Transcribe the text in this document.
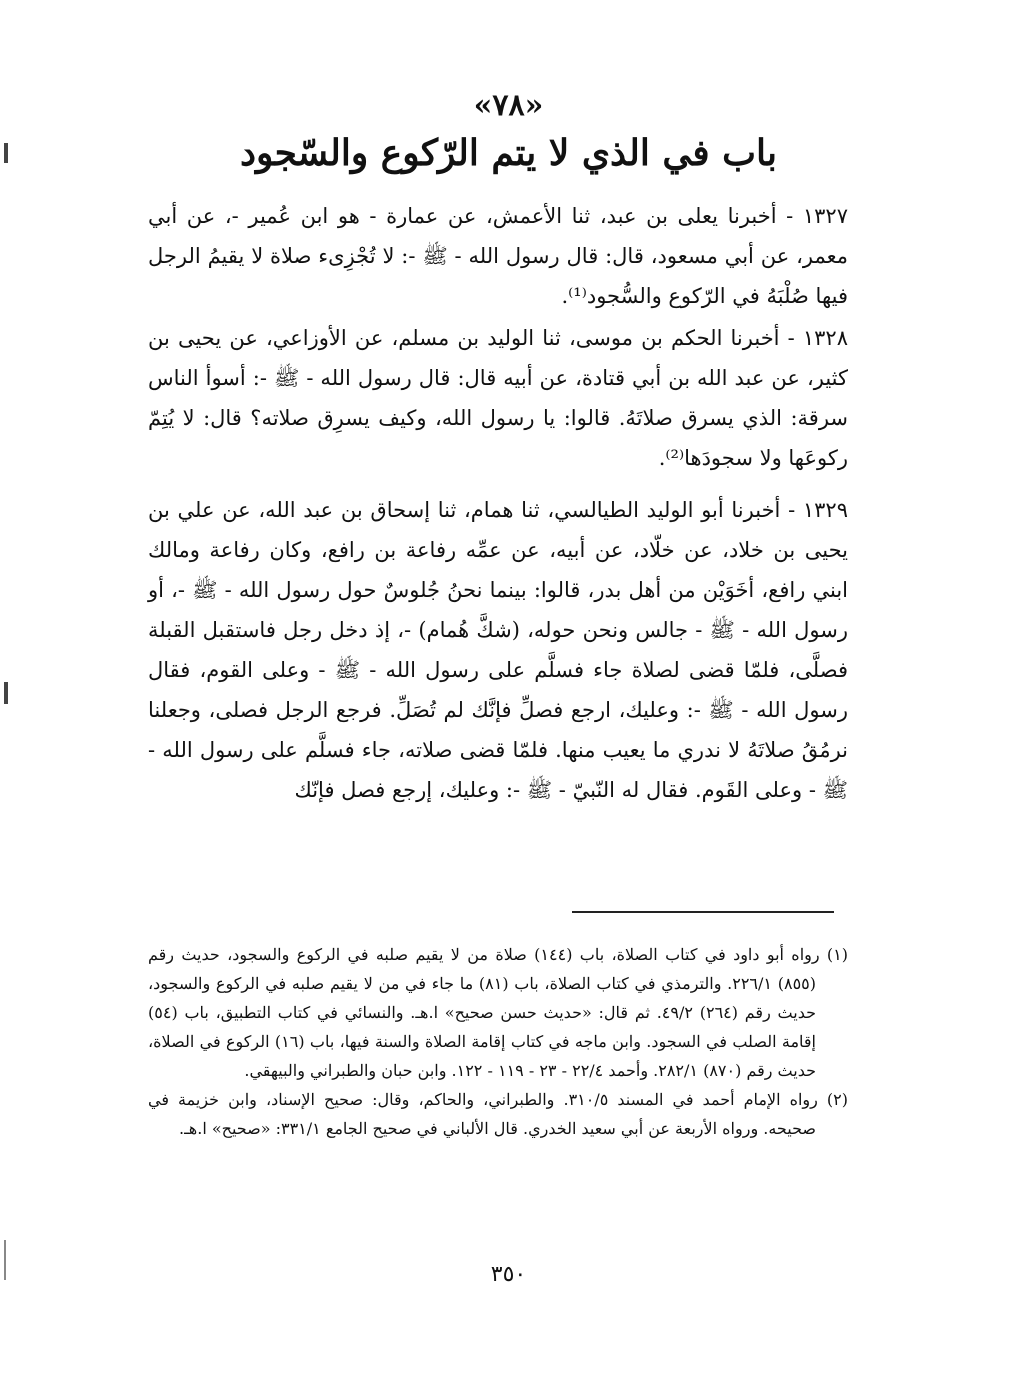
«٧٨»
باب في الذي لا يتم الرّكوع والسّجود

١٣٢٧ - أخبرنا يعلى بن عبد، ثنا الأعمش، عن عمارة - هو ابن عُمير -، عن أبي معمر، عن أبي مسعود، قال: قال رسول الله - ﷺ -: لا تُجْزِىء صلاة لا يقيمُ الرجل فيها صُلْبَهُ في الرّكوع والسُّجود⁽¹⁾.

١٣٢٨ - أخبرنا الحكم بن موسى، ثنا الوليد بن مسلم، عن الأوزاعي، عن يحيى بن كثير، عن عبد الله بن أبي قتادة، عن أبيه قال: قال رسول الله - ﷺ -: أسوأ الناس سرقة: الذي يسرق صلاتَهُ. قالوا: يا رسول الله، وكيف يسرِق صلاته؟ قال: لا يُتِمّ ركوعَها ولا سجودَها⁽²⁾.

١٣٢٩ - أخبرنا أبو الوليد الطيالسي، ثنا همام، ثنا إسحاق بن عبد الله، عن علي بن يحيى بن خلاد، عن خلّاد، عن أبيه، عن عمِّه رفاعة بن رافع، وكان رفاعة ومالك ابني رافع، أخَوَيْن من أهل بدر، قالوا: بينما نحنُ جُلوسٌ حول رسول الله - ﷺ -، أو رسول الله - ﷺ - جالس ونحن حوله، (شكَّ هُمام) -، إذ دخل رجل فاستقبل القبلة فصلَّى، فلمّا قضى لصلاة جاء فسلَّم على رسول الله - ﷺ - وعلى القوم، فقال رسول الله - ﷺ -: وعليك، ارجع فصلِّ فإنَّك لم تُصَلِّ. فرجع الرجل فصلى، وجعلنا نرمُقُ صلاتَهُ لا ندري ما يعيب منها. فلمّا قضى صلاته، جاء فسلَّم على رسول الله - ﷺ - وعلى القَوم. فقال له النّبيّ - ﷺ -: وعليك، إرجع فصل فإنّك

(١) رواه أبو داود في كتاب الصلاة، باب (١٤٤) صلاة من لا يقيم صلبه في الركوع والسجود، حديث رقم (٨٥٥) ٢٢٦/١. والترمذي في كتاب الصلاة، باب (٨١) ما جاء في من لا يقيم صلبه في الركوع والسجود، حديث رقم (٢٦٤) ٤٩/٢. ثم قال: «حديث حسن صحيح» ا.هـ. والنسائي في كتاب التطبيق، باب (٥٤) إقامة الصلب في السجود. وابن ماجه في كتاب إقامة الصلاة والسنة فيها، باب (١٦) الركوع في الصلاة، حديث رقم (٨٧٠) ٢٨٢/١. وأحمد ٢٢/٤ - ٢٣ - ١١٩ - ١٢٢. وابن حبان والطبراني والبيهقي.

(٢) رواه الإمام أحمد في المسند ٣١٠/٥. والطبراني، والحاكم، وقال: صحيح الإسناد، وابن خزيمة في صحيحه. ورواه الأربعة عن أبي سعيد الخدري. قال الألباني في صحيح الجامع ٣٣١/١: «صحيح» ا.هـ.

٣٥٠
